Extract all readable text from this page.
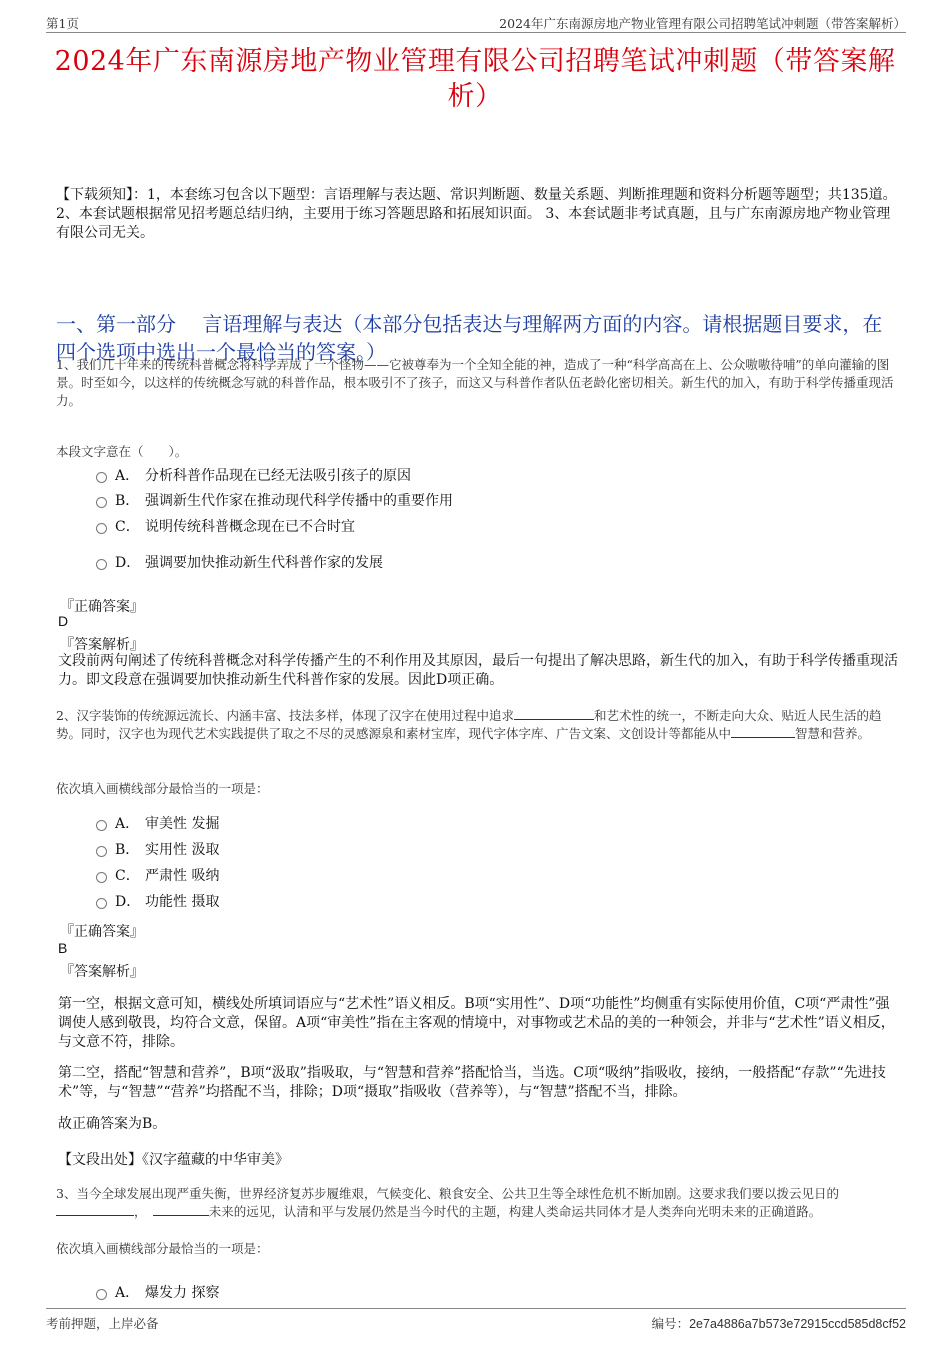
第1页	2024年广东南源房地产物业管理有限公司招聘笔试冲刺题（带答案解析）
2024年广东南源房地产物业管理有限公司招聘笔试冲刺题（带答案解析）
【下载须知】：1，本套练习包含以下题型：言语理解与表达题、常识判断题、数量关系题、判断推理题和资料分析题等题型；共135道。 2、本套试题根据常见招考题总结归纳，主要用于练习答题思路和拓展知识面。 3、本套试题非考试真题，且与广东南源房地产物业管理有限公司无关。
一、第一部分　 言语理解与表达（本部分包括表达与理解两方面的内容。请根据题目要求，在四个选项中选出一个最恰当的答案。）
1、我们几十年来的传统科普概念将科学弄成了一个怪物——它被尊奉为一个全知全能的神，造成了一种“科学高高在上、公众嗷嗷待哺”的单向灌输的图景。时至如今，以这样的传统概念写就的科普作品，根本吸引不了孩子，而这又与科普作者队伍老龄化密切相关。新生代的加入，有助于科学传播重现活力。
本段文字意在（　　）。
A． 分析科普作品现在已经无法吸引孩子的原因
B． 强调新生代作家在推动现代科学传播中的重要作用
C． 说明传统科普概念现在已不合时宜
D． 强调要加快推动新生代科普作家的发展
『正确答案』
D
『答案解析』
文段前两句阐述了传统科普概念对科学传播产生的不利作用及其原因，最后一句提出了解决思路，新生代的加入，有助于科学传播重现活力。即文段意在强调要加快推动新生代科普作家的发展。因此D项正确。
2、汉字装饰的传统源远流长、内涵丰富、技法多样，体现了汉字在使用过程中追求	和艺术性的统一，不断走向大众、贴近人民生活的趋势。同时，汉字也为现代艺术实践提供了取之不尽的灵感源泉和素材宝库，现代字体字库、广告文案、文创设计等都能从中	智慧和营养。
依次填入画横线部分最恰当的一项是：
A． 审美性 发掘
B． 实用性 汲取
C． 严肃性 吸纳
D． 功能性 摄取
『正确答案』
B
『答案解析』
第一空，根据文意可知，横线处所填词语应与“艺术性”语义相反。B项“实用性”、D项“功能性”均侧重有实际使用价值，C项“严肃性”强调使人感到敬畏，均符合文意，保留。A项“审美性”指在主客观的情境中，对事物或艺术品的美的一种领会，并非与“艺术性”语义相反，与文意不符，排除。
第二空，搭配“智慧和营养”，B项“汲取”指吸取，与“智慧和营养”搭配恰当，当选。C项“吸纳”指吸收，接纳，一般搭配“存款”“先进技术”等，与“智慧”“营养”均搭配不当，排除；D项“摄取”指吸收（营养等），与“智慧”搭配不当，排除。
故正确答案为B。
【文段出处】《汉字蕴藏的中华审美》
3、当今全球发展出现严重失衡，世界经济复苏步履维艰，气候变化、粮食安全、公共卫生等全球性危机不断加剧。这要求我们要以拨云见日的
，　	未来的远见，认清和平与发展仍然是当今时代的主题，构建人类命运共同体才是人类奔向光明未来的正确道路。
依次填入画横线部分最恰当的一项是：
A． 爆发力 探察
考前押题，上岸必备	编号：2e7a4886a7b573e72915ccd585d8cf52
